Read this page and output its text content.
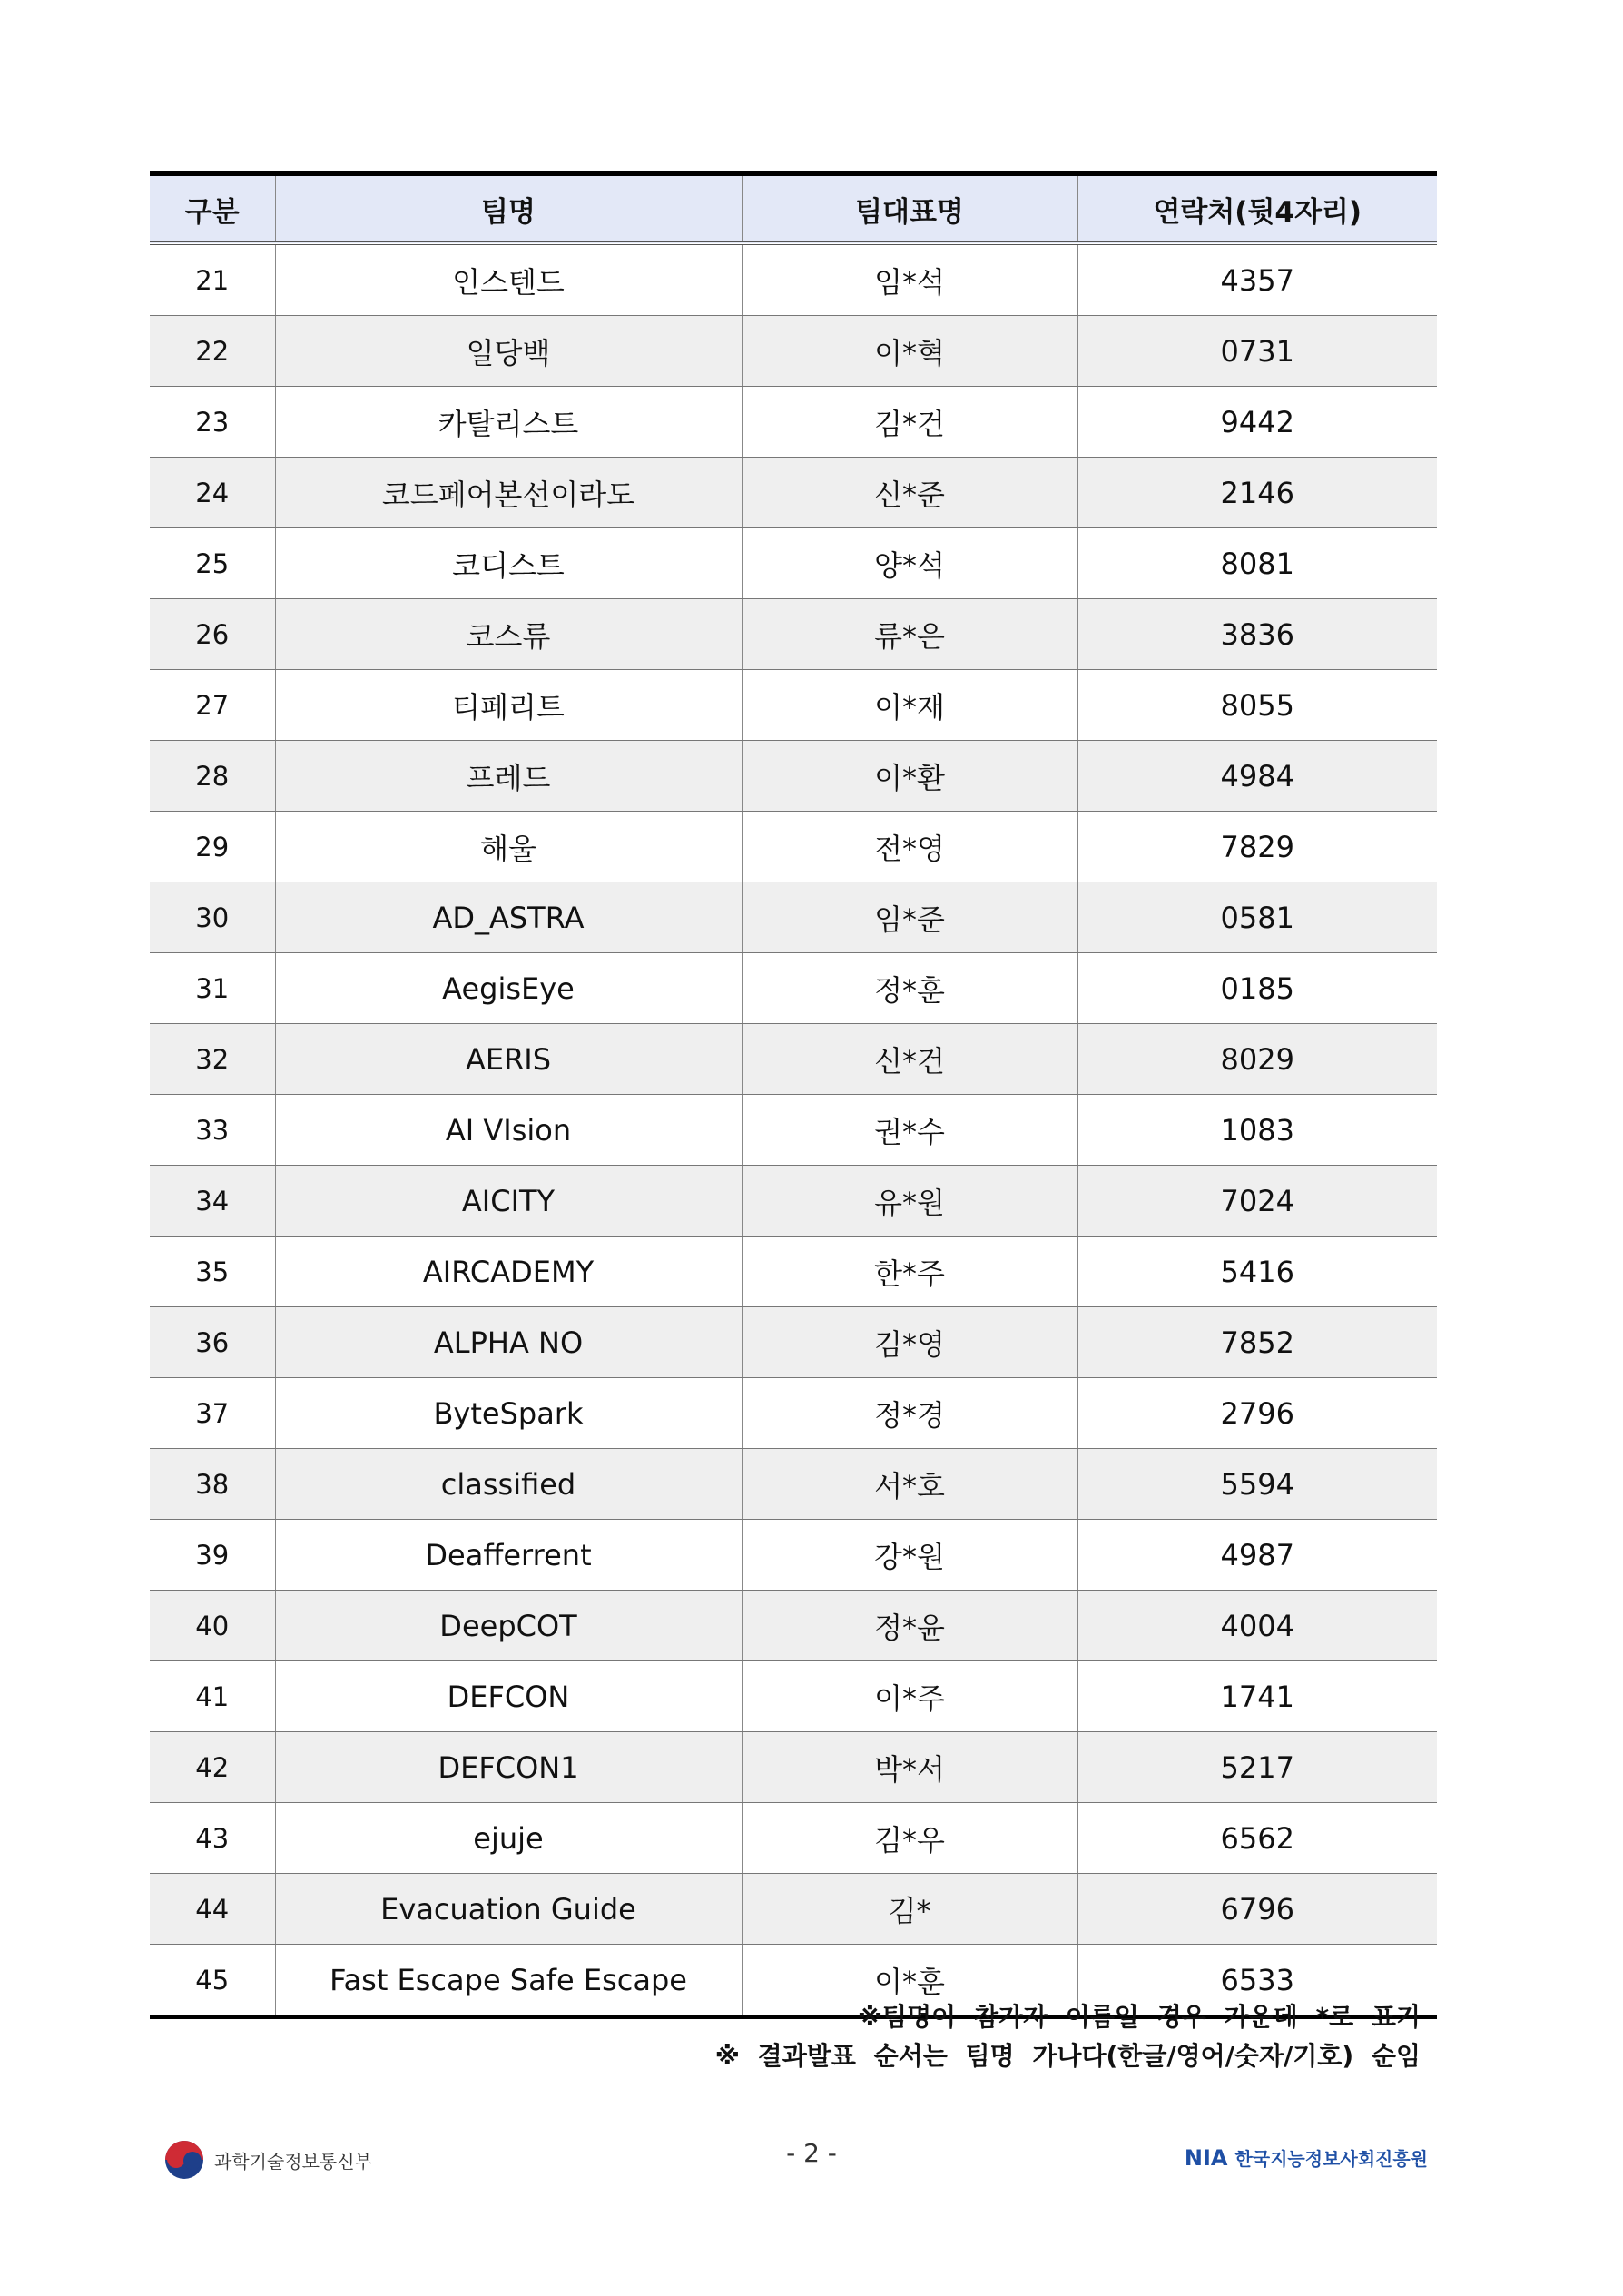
구분	팀명	팀대표명	연락처(뒷4자리)
21	인스텐드	임*석	4357
22	일당백	이*혁	0731
23	카탈리스트	김*건	9442
24	코드페어본선이라도	신*준	2146
25	코디스트	양*석	8081
26	코스류	류*은	3836
27	티페리트	이*재	8055
28	프레드	이*환	4984
29	해울	전*영	7829
30	AD_ASTRA	임*준	0581
31	AegisEye	정*훈	0185
32	AERIS	신*건	8029
33	AI VIsion	권*수	1083
34	AICITY	유*원	7024
35	AIRCADEMY	한*주	5416
36	ALPHA NO	김*영	7852
37	ByteSpark	정*경	2796
38	classified	서*호	5594
39	Deafferrent	강*원	4987
40	DeepCOT	정*윤	4004
41	DEFCON	이*주	1741
42	DEFCON1	박*서	5217
43	ejuje	김*우	6562
44	Evacuation Guide	김*	6796
45	Fast Escape Safe Escape	이*훈	6533
※팀명이 참가자 이름일 경우 가운데 *로 표기
※ 결과발표 순서는 팀명 가나다(한글/영어/숫자/기호) 순임
과학기술정보통신부	- 2 -	NIA 한국지능정보사회진흥원
